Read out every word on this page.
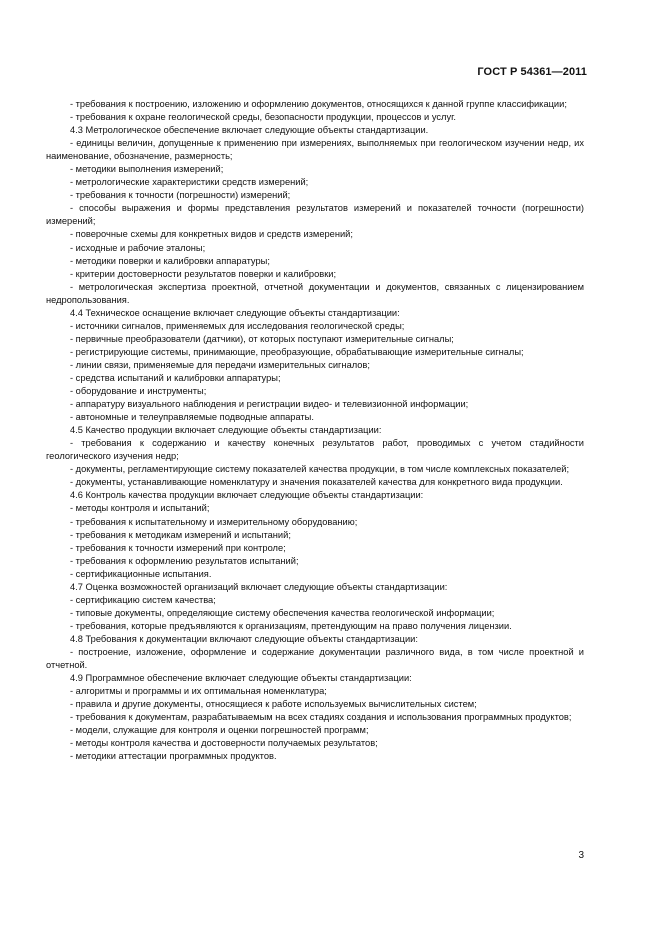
ГОСТ Р 54361—2011

- требования к построению, изложению и оформлению документов, относящихся к данной группе классификации;

- требования к охране геологической среды, безопасности продукции, процессов и услуг.

4.3 Метрологическое обеспечение включает следующие объекты стандартизации.

- единицы величин, допущенные к применению при измерениях, выполняемых при геологическом изучении недр, их наименование, обозначение, размерность;

- методики выполнения измерений;

- метрологические характеристики средств измерений;

- требования к точности (погрешности) измерений;

- способы выражения и формы представления результатов измерений и показателей точности (погрешности) измерений;

- поверочные схемы для конкретных видов и средств измерений;

- исходные и рабочие эталоны;

- методики поверки и калибровки аппаратуры;

- критерии достоверности результатов поверки и калибровки;

- метрологическая экспертиза проектной, отчетной документации и документов, связанных с лицензированием недропользования.

4.4 Техническое оснащение включает следующие объекты стандартизации:

- источники сигналов, применяемых для исследования геологической среды;

- первичные преобразователи (датчики), от которых поступают измерительные сигналы;

- регистрирующие системы, принимающие, преобразующие, обрабатывающие измерительные сигналы;

- линии связи, применяемые для передачи измерительных сигналов;

- средства испытаний и калибровки аппаратуры;

- оборудование и инструменты;

- аппаратуру визуального наблюдения и регистрации видео- и телевизионной информации;

- автономные и телеуправляемые подводные аппараты.

4.5 Качество продукции включает следующие объекты стандартизации:

- требования к содержанию и качеству конечных результатов работ, проводимых с учетом стадийности геологического изучения недр;

- документы, регламентирующие систему показателей качества продукции, в том числе комплексных показателей;

- документы, устанавливающие номенклатуру и значения показателей качества для конкретного вида продукции.

4.6 Контроль качества продукции включает следующие объекты стандартизации:

- методы контроля и испытаний;

- требования к испытательному и измерительному оборудованию;

- требования к методикам измерений и испытаний;

- требования к точности измерений при контроле;

- требования к оформлению результатов испытаний;

- сертификационные испытания.

4.7 Оценка возможностей организаций включает следующие объекты стандартизации:

- сертификацию систем качества;

- типовые документы, определяющие систему обеспечения качества геологической информации;

- требования, которые предъявляются к организациям, претендующим на право получения лицензии.

4.8 Требования к документации включают следующие объекты стандартизации:

- построение, изложение, оформление и содержание документации различного вида, в том числе проектной и отчетной.

4.9 Программное обеспечение включает следующие объекты стандартизации:

- алгоритмы и программы и их оптимальная номенклатура;

- правила и другие документы, относящиеся к работе используемых вычислительных систем;

- требования к документам, разрабатываемым на всех стадиях создания и использования программных продуктов;

- модели, служащие для контроля и оценки погрешностей программ;

- методы контроля качества и достоверности получаемых результатов;

- методики аттестации программных продуктов.

3
